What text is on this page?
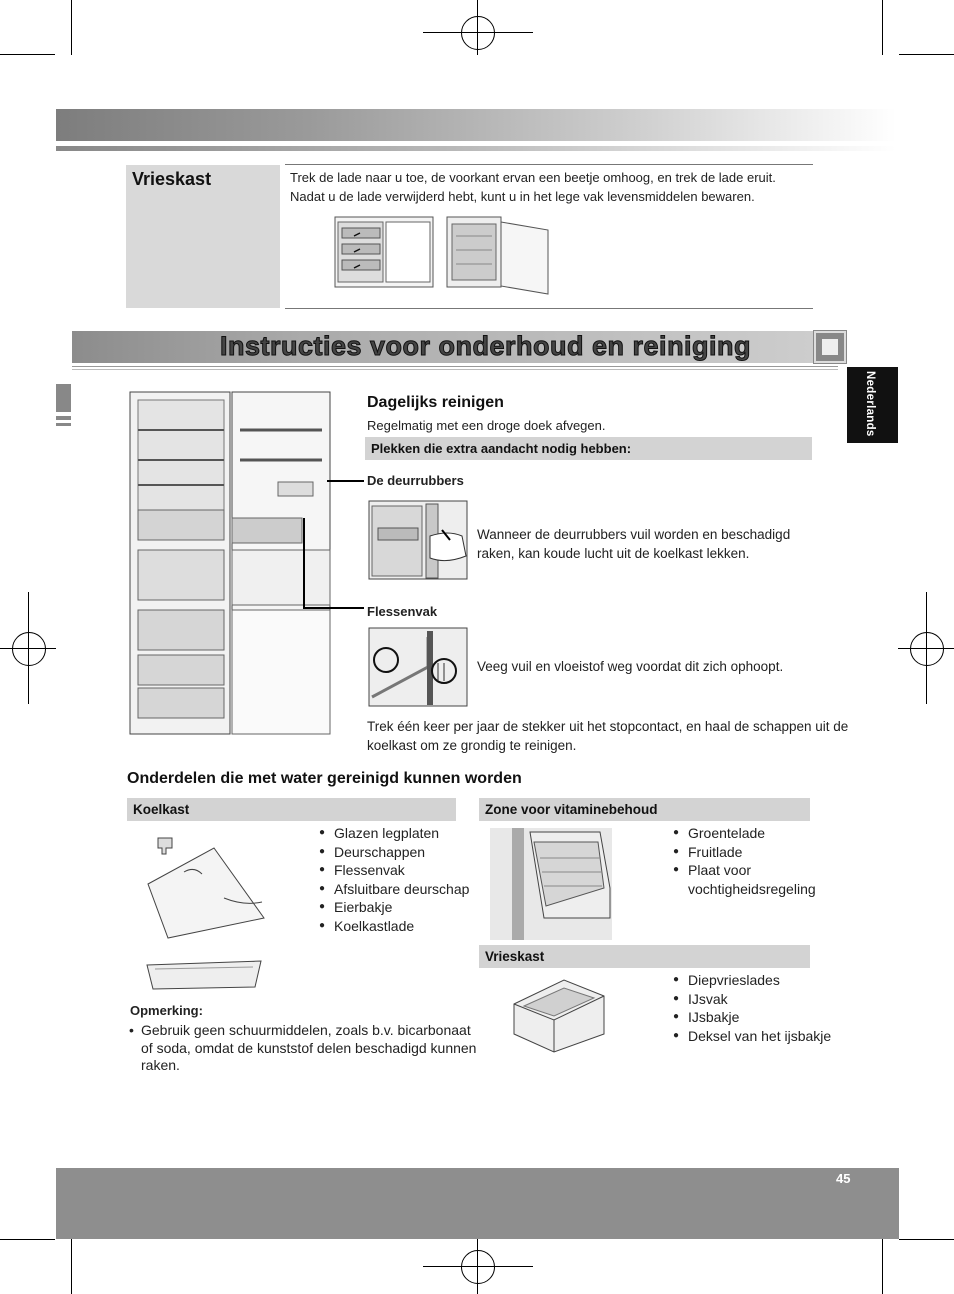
Vrieskast	Trek de lade naar u toe, de voorkant ervan een beetje omhoog, en trek de lade eruit.
Nadat u de lade verwijderd hebt, kunt u in het lege vak levensmiddelen bewaren.
Instructies voor onderhoud en reiniging
Nederlands
Dagelijks reinigen
Regelmatig met een droge doek afvegen.
Plekken die extra aandacht nodig hebben:
De deurrubbers
Wanneer de deurrubbers vuil worden en beschadigd
raken, kan koude lucht uit de koelkast lekken.
Flessenvak
Veeg vuil en vloeistof weg voordat dit zich ophoopt.
Trek één keer per jaar de stekker uit het stopcontact, en haal de schappen uit de
koelkast om ze grondig te reinigen.
Onderdelen die met water gereinigd kunnen worden
Koelkast
● Glazen legplaten
● Deurschappen
● Flessenvak
● Afsluitbare deurschap
● Eierbakje
● Koelkastlade
Opmerking:
• Gebruik geen schuurmiddelen, zoals b.v. bicarbonaat
of soda, omdat de kunststof delen beschadigd kunnen
raken.
Zone voor vitaminebehoud
● Groentelade
● Fruitlade
● Plaat voor
vochtigheidsregeling
Vrieskast
● Diepvrieslades
● IJsvak
● IJsbakje
● Deksel van het ijsbakje
45
